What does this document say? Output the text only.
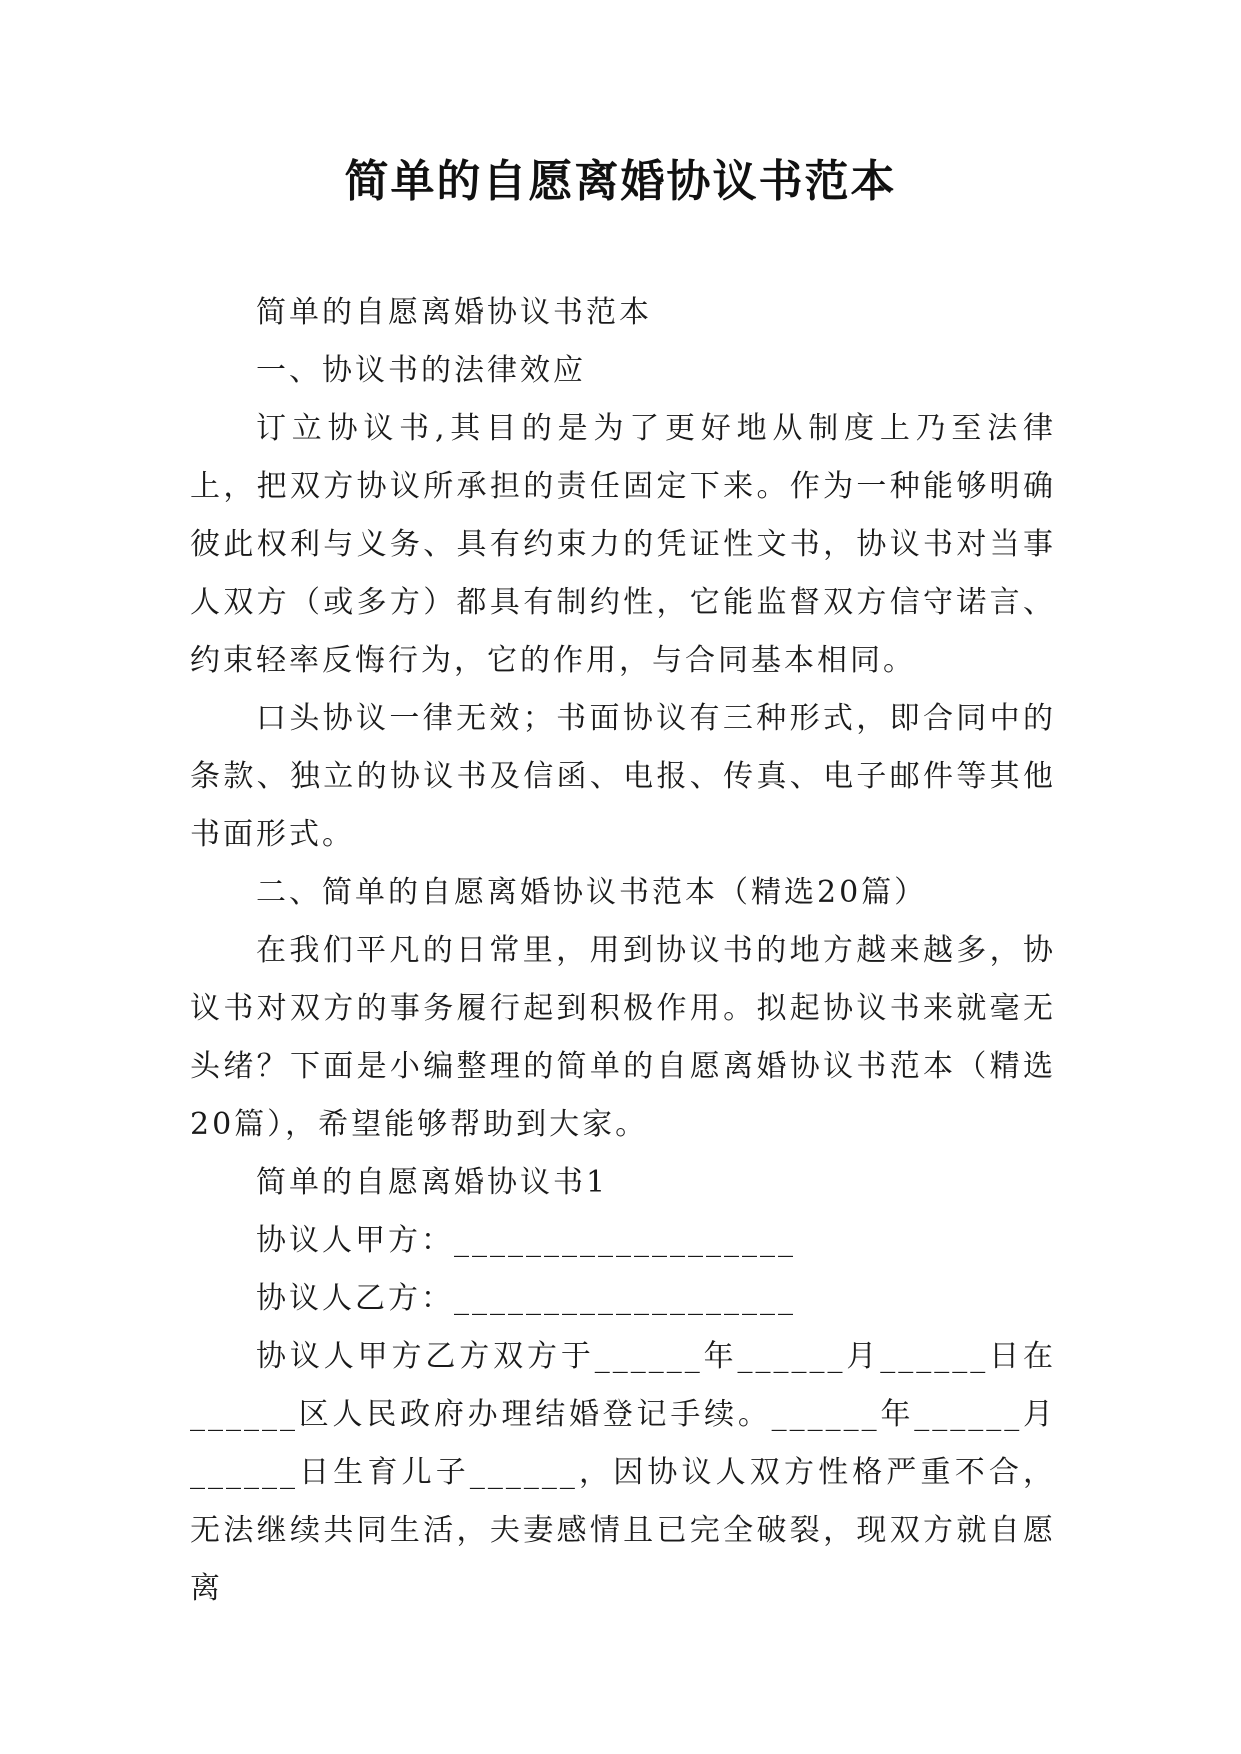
简单的自愿离婚协议书范本

简单的自愿离婚协议书范本

一、协议书的法律效应

订立协议书,其目的是为了更好地从制度上乃至法律上，把双方协议所承担的责任固定下来。作为一种能够明确彼此权利与义务、具有约束力的凭证性文书，协议书对当事人双方（或多方）都具有制约性，它能监督双方信守诺言、约束轻率反悔行为，它的作用，与合同基本相同。

口头协议一律无效；书面协议有三种形式，即合同中的条款、独立的协议书及信函、电报、传真、电子邮件等其他书面形式。

二、简单的自愿离婚协议书范本（精选20篇）

在我们平凡的日常里，用到协议书的地方越来越多，协议书对双方的事务履行起到积极作用。拟起协议书来就毫无头绪？下面是小编整理的简单的自愿离婚协议书范本（精选20篇），希望能够帮助到大家。

简单的自愿离婚协议书1

协议人甲方：___________________

协议人乙方：___________________

协议人甲方乙方双方于______年______月______日在______区人民政府办理结婚登记手续。______年______月______日生育儿子______，因协议人双方性格严重不合，无法继续共同生活，夫妻感情且已完全破裂，现双方就自愿离
